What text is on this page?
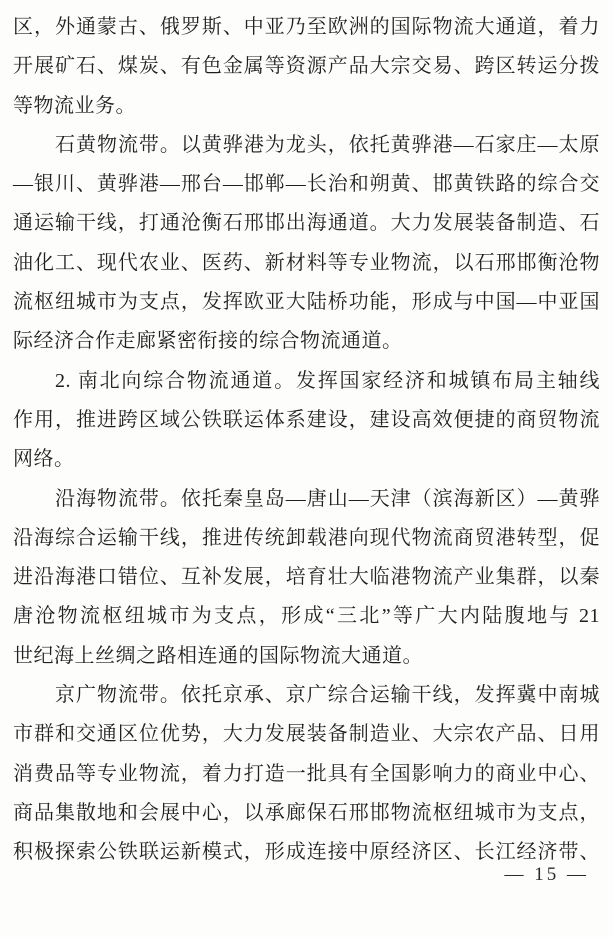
区，外通蒙古、俄罗斯、中亚乃至欧洲的国际物流大通道，着力
开展矿石、煤炭、有色金属等资源产品大宗交易、跨区转运分拨
等物流业务。
石黄物流带。以黄骅港为龙头，依托黄骅港—石家庄—太原
—银川、黄骅港—邢台—邯郸—长治和朔黄、邯黄铁路的综合交
通运输干线，打通沧衡石邢邯出海通道。大力发展装备制造、石
油化工、现代农业、医药、新材料等专业物流，以石邢邯衡沧物
流枢纽城市为支点，发挥欧亚大陆桥功能，形成与中国—中亚国
际经济合作走廊紧密衔接的综合物流通道。
2. 南北向综合物流通道。发挥国家经济和城镇布局主轴线
作用，推进跨区域公铁联运体系建设，建设高效便捷的商贸物流
网络。
沿海物流带。依托秦皇岛—唐山—天津（滨海新区）—黄骅
沿海综合运输干线，推进传统卸载港向现代物流商贸港转型，促
进沿海港口错位、互补发展，培育壮大临港物流产业集群，以秦
唐沧物流枢纽城市为支点，形成“三北”等广大内陆腹地与 21
世纪海上丝绸之路相连通的国际物流大通道。
京广物流带。依托京承、京广综合运输干线，发挥冀中南城
市群和交通区位优势，大力发展装备制造业、大宗农产品、日用
消费品等专业物流，着力打造一批具有全国影响力的商业中心、
商品集散地和会展中心，以承廊保石邢邯物流枢纽城市为支点，
积极探索公铁联运新模式，形成连接中原经济区、长江经济带、
— 15 —
